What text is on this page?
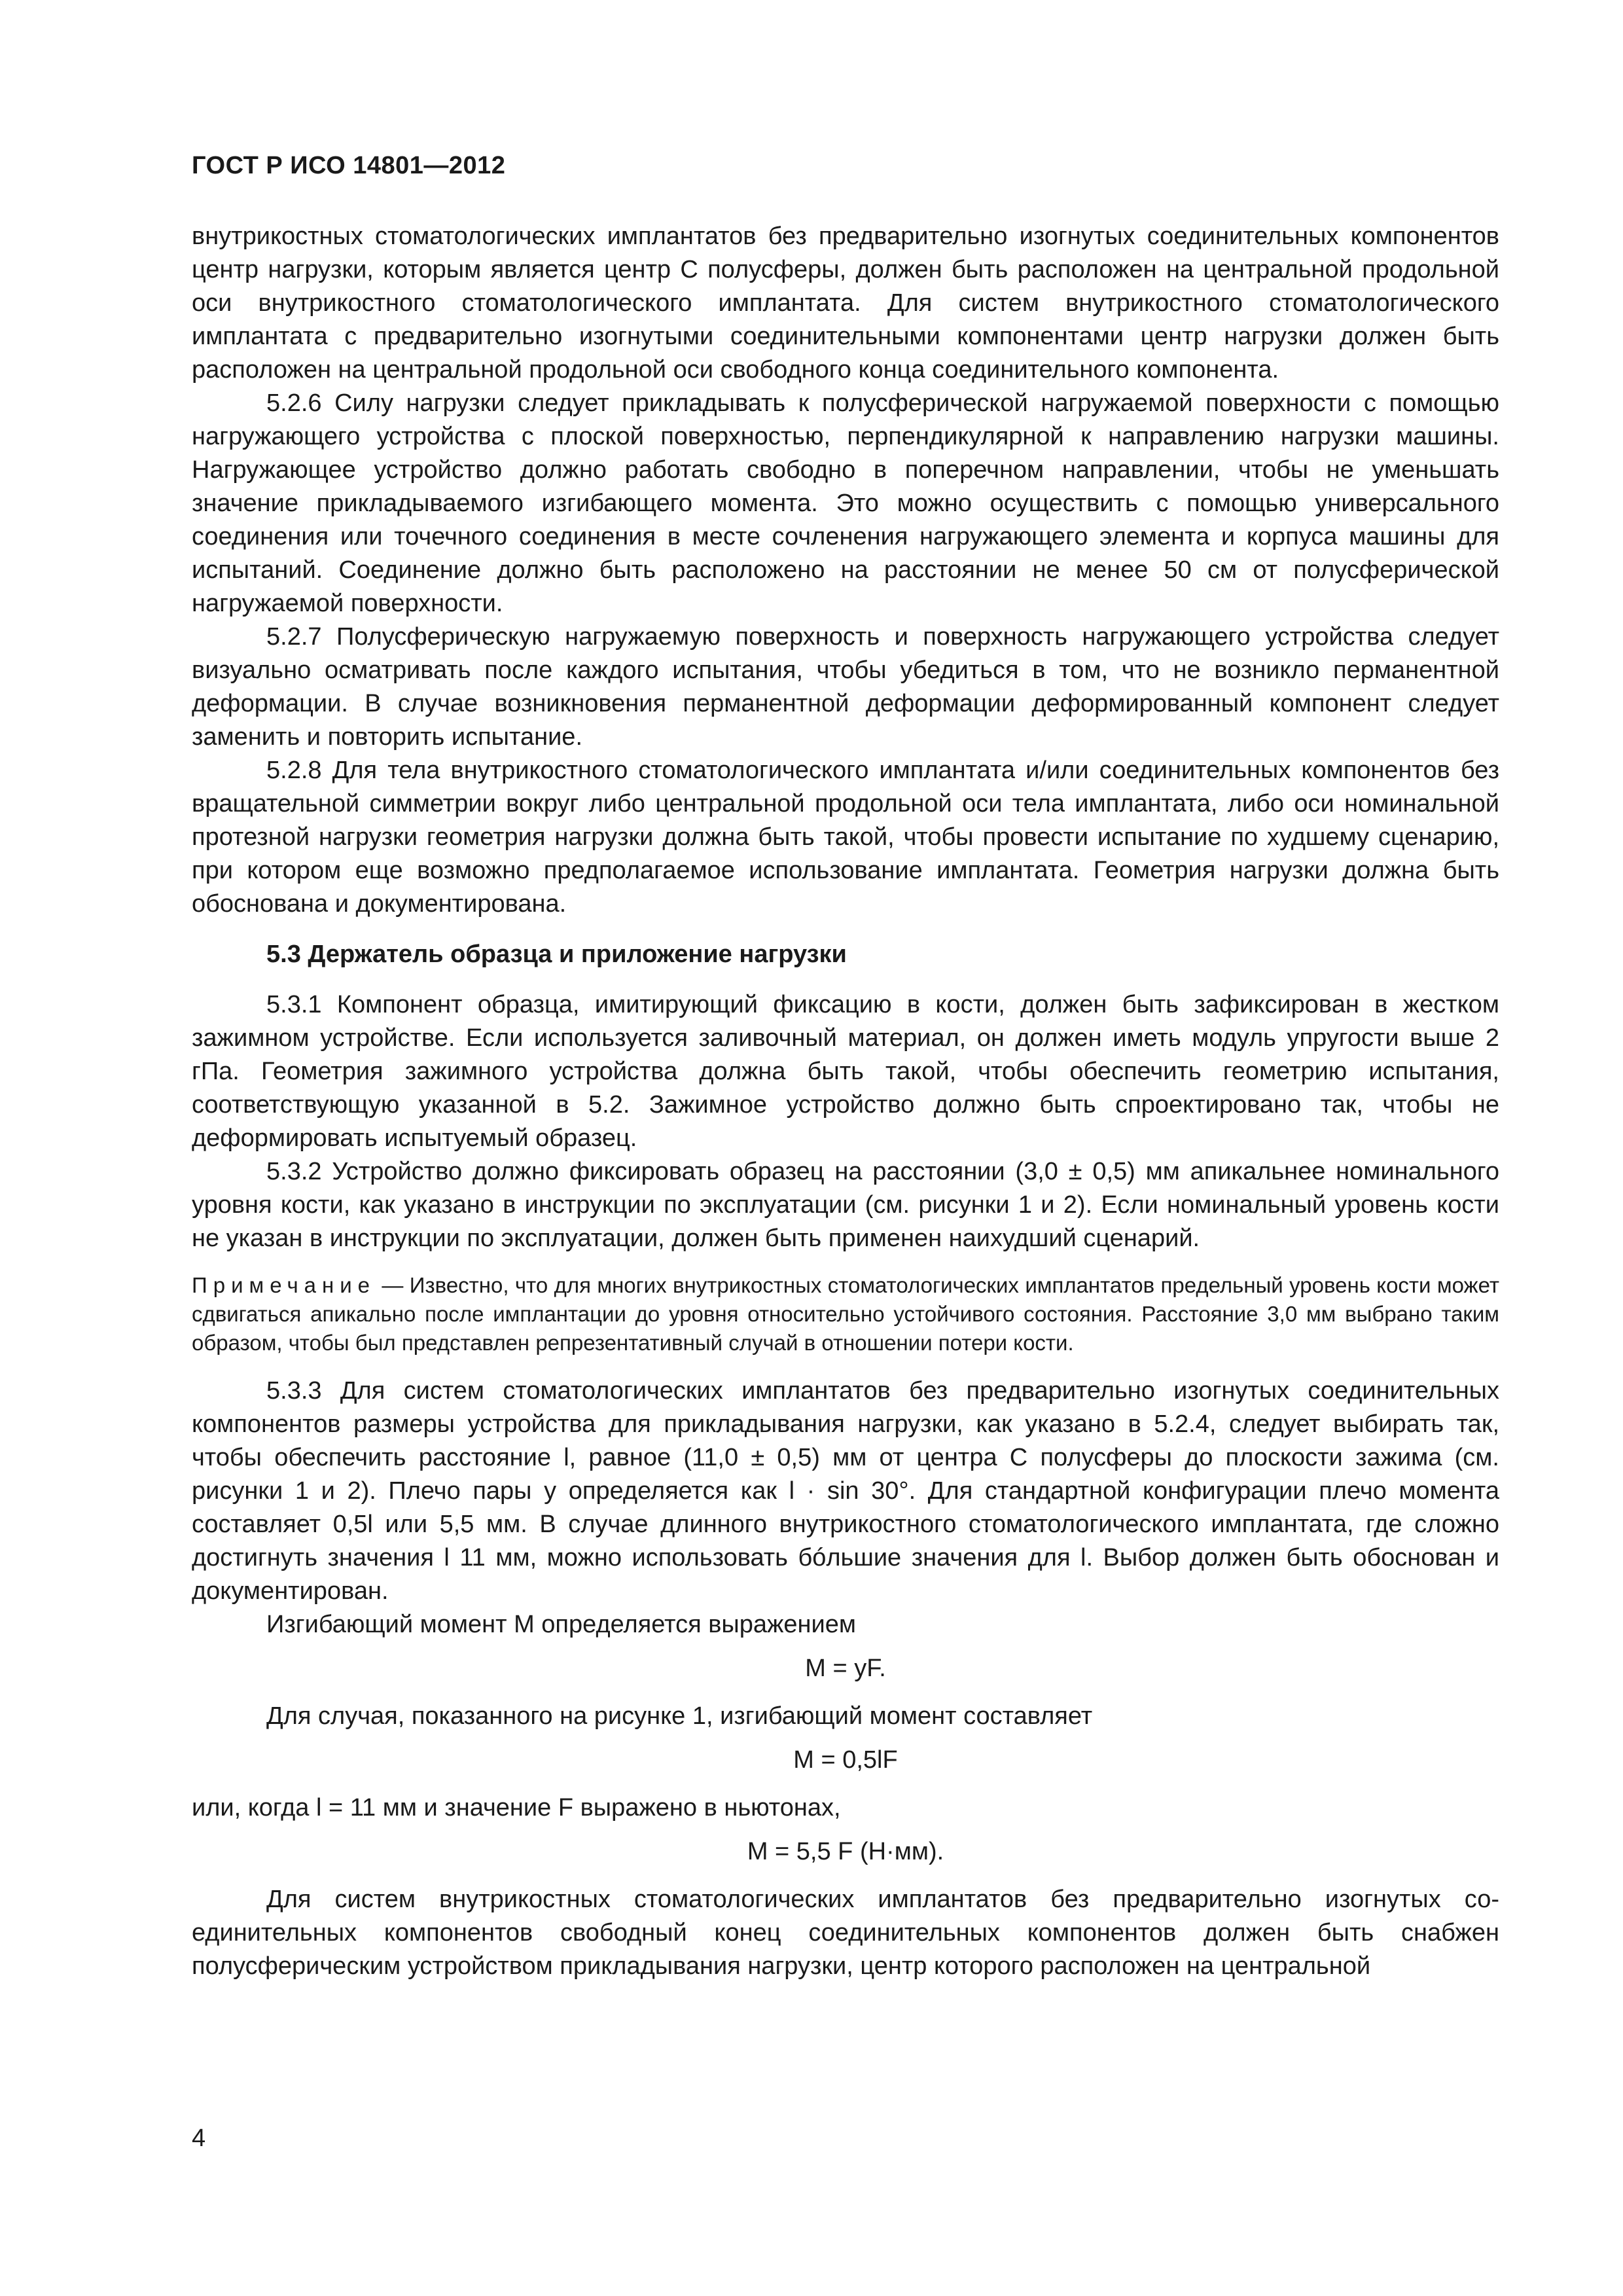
ГОСТ Р ИСО 14801—2012

внутрикостных стоматологических имплантатов без предварительно изогнутых соединительных компонентов центр нагрузки, которым является центр С полусферы, должен быть расположен на центральной продольной оси внутрикостного стоматологического имплантата. Для систем внутрикостного стоматологического имплантата с предварительно изогнутыми соединительными компонентами центр нагрузки должен быть расположен на центральной продольной оси свободного конца соединительного компонента.

5.2.6 Силу нагрузки следует прикладывать к полусферической нагружаемой поверхности с помощью нагружающего устройства с плоской поверхностью, перпендикулярной к направлению нагрузки машины. Нагружающее устройство должно работать свободно в поперечном направлении, чтобы не уменьшать значение прикладываемого изгибающего момента. Это можно осуществить с помощью универсального соединения или точечного соединения в месте сочленения нагружающего элемента и корпуса машины для испытаний. Соединение должно быть расположено на расстоянии не менее 50 см от полусферической нагружаемой поверхности.

5.2.7 Полусферическую нагружаемую поверхность и поверхность нагружающего устройства следует визуально осматривать после каждого испытания, чтобы убедиться в том, что не возникло перманентной деформации. В случае возникновения перманентной деформации деформированный компонент следует заменить и повторить испытание.

5.2.8 Для тела внутрикостного стоматологического имплантата и/или соединительных компонентов без вращательной симметрии вокруг либо центральной продольной оси тела имплантата, либо оси номинальной протезной нагрузки геометрия нагрузки должна быть такой, чтобы провести испытание по худшему сценарию, при котором еще возможно предполагаемое использование имплантата. Геометрия нагрузки должна быть обоснована и документирована.

5.3 Держатель образца и приложение нагрузки

5.3.1 Компонент образца, имитирующий фиксацию в кости, должен быть зафиксирован в жестком зажимном устройстве. Если используется заливочный материал, он должен иметь модуль упругости выше 2 гПа. Геометрия зажимного устройства должна быть такой, чтобы обеспечить геометрию испытания, соответствующую указанной в 5.2. Зажимное устройство должно быть спроектировано так, чтобы не деформировать испытуемый образец.

5.3.2 Устройство должно фиксировать образец на расстоянии (3,0 ± 0,5) мм апикальнее номинального уровня кости, как указано в инструкции по эксплуатации (см. рисунки 1 и 2). Если номинальный уровень кости не указан в инструкции по эксплуатации, должен быть применен наихудший сценарий.

Примечание — Известно, что для многих внутрикостных стоматологических имплантатов предельный уровень кости может сдвигаться апикально после имплантации до уровня относительно устойчивого состояния. Расстояние 3,0 мм выбрано таким образом, чтобы был представлен репрезентативный случай в отношении потери кости.

5.3.3 Для систем стоматологических имплантатов без предварительно изогнутых соединительных компонентов размеры устройства для прикладывания нагрузки, как указано в 5.2.4, следует выбирать так, чтобы обеспечить расстояние l, равное (11,0 ± 0,5) мм от центра С полусферы до плоскости зажима (см. рисунки 1 и 2). Плечо пары у определяется как l · sin 30°. Для стандартной конфигурации плечо момента составляет 0,5l или 5,5 мм. В случае длинного внутрикостного стоматологического имплантата, где сложно достигнуть значения l 11 мм, можно использовать бóльшие значения для l. Выбор должен быть обоснован и документирован.

Изгибающий момент М определяется выражением

М = уF.

Для случая, показанного на рисунке 1, изгибающий момент составляет

М = 0,5lF

или, когда l = 11 мм и значение F выражено в ньютонах,

М = 5,5 F (Н·мм).

Для систем внутрикостных стоматологических имплантатов без предварительно изогнутых соединительных компонентов свободный конец соединительных компонентов должен быть снабжен полусферическим устройством прикладывания нагрузки, центр которого расположен на центральной

4
